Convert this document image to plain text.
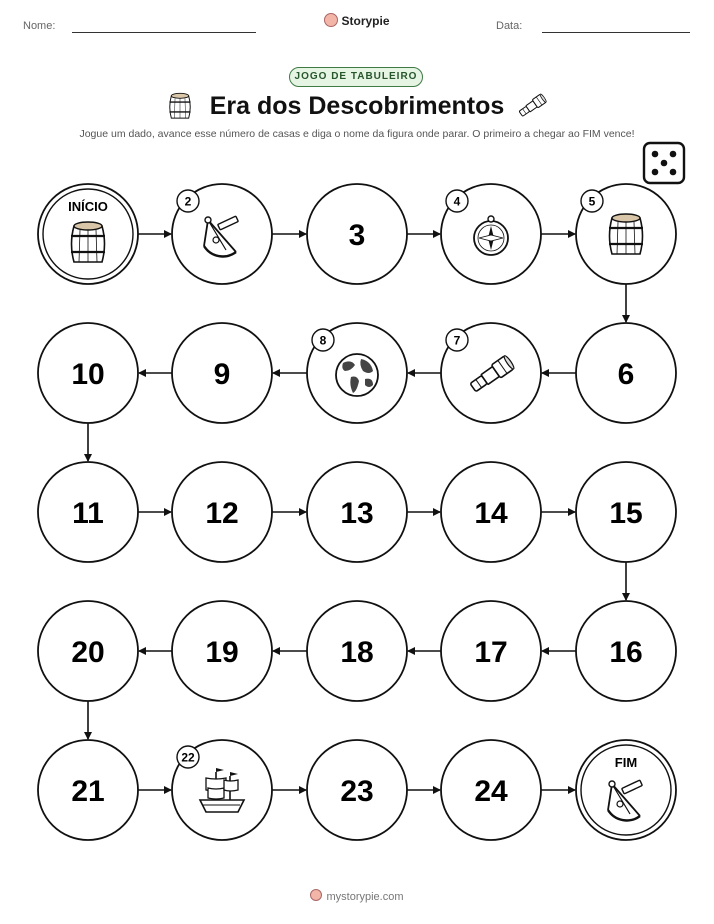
Nome:	Storypie	Data:
JOGO DE TABULEIRO
Era dos Descobrimentos
Jogue um dado, avance esse número de casas e diga o nome da figura onde parar. O primeiro a chegar ao FIM vence!
INÍCIO	2
3
4	5
6
7
8
9
10
11	12	13	14	15
16
17
18
19
20
21
22
23	24
FIM
mystorypie.com
